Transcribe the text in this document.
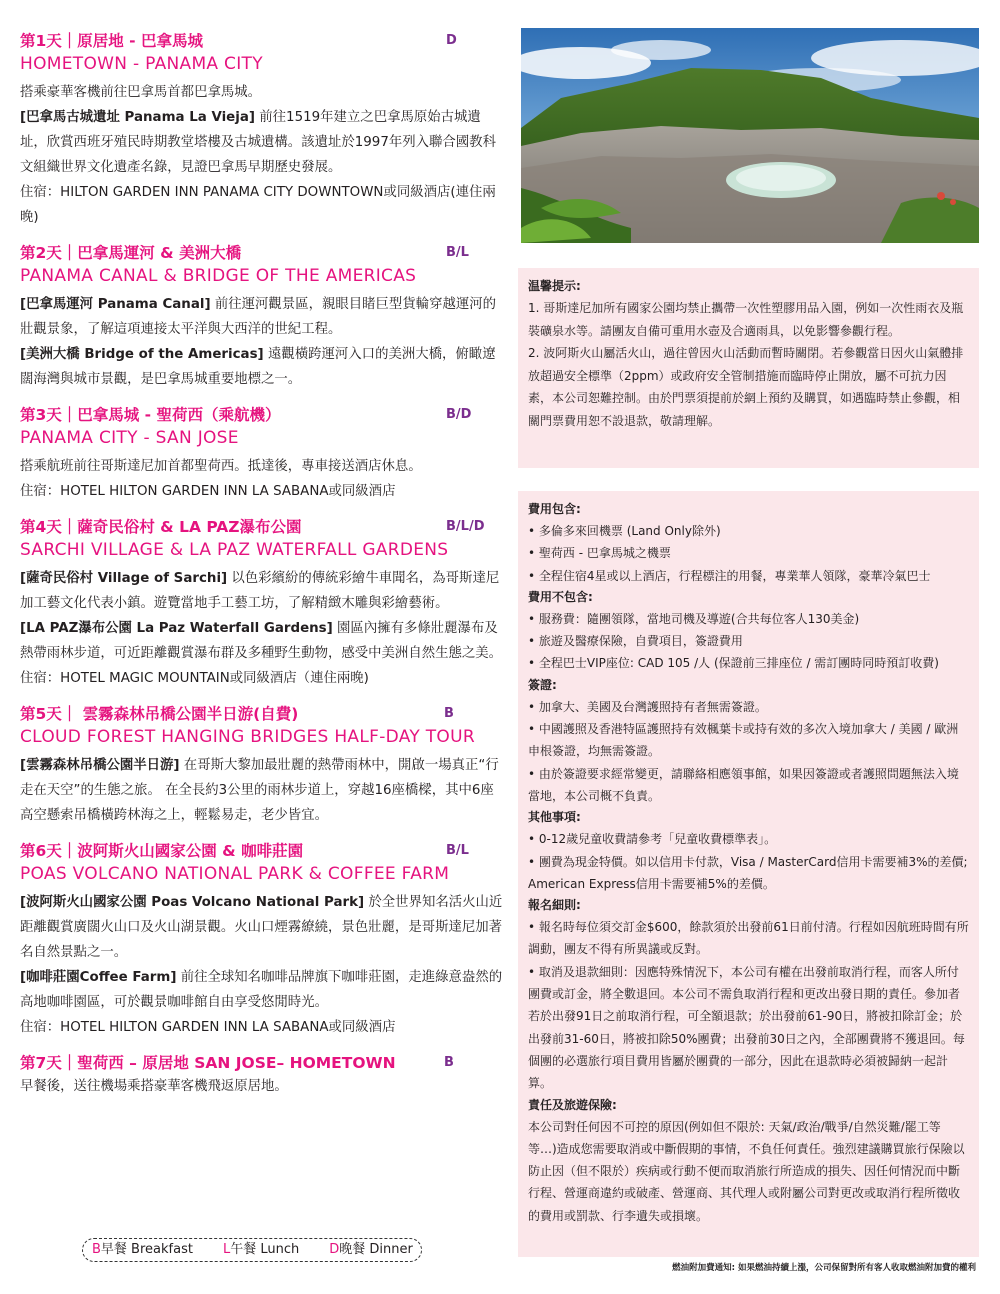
第1天｜原居地 - 巴拿馬城	D
HOMETOWN - PANAMA CITY

搭乘豪華客機前往巴拿馬首都巴拿馬城。

[巴拿馬古城遺址 Panama La Vieja] 前往1519年建立之巴拿馬原始古城遺址，欣賞西班牙殖民時期教堂塔樓及古城遺構。該遺址於1997年列入聯合國教科文組織世界文化遺產名錄，見證巴拿馬早期歷史發展。

住宿：HILTON GARDEN INN PANAMA CITY DOWNTOWN或同級酒店(連住兩晚)

第2天｜巴拿馬運河 & 美洲大橋	B/L
PANAMA CANAL & BRIDGE OF THE AMERICAS

[巴拿馬運河 Panama Canal] 前往運河觀景區，親眼目睹巨型貨輪穿越運河的壯觀景象，了解這項連接太平洋與大西洋的世紀工程。

[美洲大橋 Bridge of the Americas] 遠觀橫跨運河入口的美洲大橋，俯瞰遼闊海灣與城市景觀，是巴拿馬城重要地標之一。

第3天｜巴拿馬城 - 聖荷西（乘航機）	B/D
PANAMA CITY - SAN JOSE

搭乘航班前往哥斯達尼加首都聖荷西。抵達後，專車接送酒店休息。

住宿：HOTEL HILTON GARDEN INN LA SABANA或同級酒店

第4天｜薩奇民俗村 & LA PAZ瀑布公園	B/L/D
SARCHI VILLAGE & LA PAZ WATERFALL GARDENS

[薩奇民俗村 Village of Sarchi] 以色彩繽紛的傳統彩繪牛車聞名，為哥斯達尼加工藝文化代表小鎮。遊覽當地手工藝工坊，了解精緻木雕與彩繪藝術。

[LA PAZ瀑布公園 La Paz Waterfall Gardens] 園區內擁有多條壯麗瀑布及熱帶雨林步道，可近距離觀賞瀑布群及多種野生動物，感受中美洲自然生態之美。

住宿：HOTEL MAGIC MOUNTAIN或同級酒店（連住兩晚)

第5天｜ 雲霧森林吊橋公園半日游(自費)	B
CLOUD FOREST HANGING BRIDGES HALF-DAY TOUR

[雲霧森林吊橋公園半日游] 在哥斯大黎加最壯麗的熱帶雨林中，開啟一場真正“行走在天空”的生態之旅。 在全長約3公里的雨林步道上，穿越16座橋樑，其中6座高空懸索吊橋橫跨林海之上，輕鬆易走，老少皆宜。

第6天｜波阿斯火山國家公園 & 咖啡莊園	B/L
POAS VOLCANO NATIONAL PARK & COFFEE FARM

[波阿斯火山國家公園 Poas Volcano National Park] 於全世界知名活火山近距離觀賞廣闊火山口及火山湖景觀。火山口煙霧繚繞，景色壯麗，是哥斯達尼加著名自然景點之一。

[咖啡莊園Coffee Farm] 前往全球知名咖啡品牌旗下咖啡莊園，走進綠意盎然的高地咖啡園區，可於觀景咖啡館自由享受悠閒時光。

住宿：HOTEL HILTON GARDEN INN LA SABANA或同級酒店

第7天｜聖荷西 – 原居地 SAN JOSE– HOMETOWN	B

早餐後，送往機場乘搭豪華客機飛返原居地。

温馨提示:
1. 哥斯達尼加所有國家公園均禁止攜帶一次性塑膠用品入園，例如一次性雨衣及瓶裝礦泉水等。請團友自備可重用水壺及合適雨具，以免影響參觀行程。
2. 波阿斯火山屬活火山，過往曾因火山活動而暫時關閉。若參觀當日因火山氣體排放超過安全標準（2ppm）或政府安全管制措施而臨時停止開放，屬不可抗力因素，本公司恕難控制。由於門票須提前於網上預約及購買，如遇臨時禁止參觀，相關門票費用恕不設退款，敬請理解。
費用包含:
• 多倫多來回機票 (Land Only除外)
• 聖荷西 - 巴拿馬城之機票
• 全程住宿4星或以上酒店，行程標注的用餐，專業華人領隊，豪華冷氣巴士
費用不包含:
• 服務費：隨團領隊，當地司機及導遊(合共每位客人130美金)
• 旅遊及醫療保險，自費項目，簽證費用
• 全程巴士VIP座位: CAD 105 /人 (保證前三排座位 / 需訂團時同時預訂收費)
簽證:
• 加拿大、美國及台灣護照持有者無需簽證。
• 中國護照及香港特區護照持有效楓葉卡或持有效的多次入境加拿大 / 美國 / 歐洲申根簽證，均無需簽證。
• 由於簽證要求經常變更，請聯絡相應領事館，如果因簽證或者護照問題無法入境當地，本公司概不負責。
其他事項:
• 0-12歲兒童收費請參考「兒童收費標準表」。
• 團費為現金特價。如以信用卡付款，Visa / MasterCard信用卡需要補3%的差價; American Express信用卡需要補5%的差價。
報名細則:
• 報名時每位須交訂金$600，餘款須於出發前61日前付清。行程如因航班時間有所調動，團友不得有所異議或反對。
• 取消及退款細則：因應特殊情況下，本公司有權在出發前取消行程，而客人所付團費或訂金，將全數退回。本公司不需負取消行程和更改出發日期的責任。參加者若於出發91日之前取消行程，可全額退款；於出發前61-90日，將被扣除訂金；於出發前31-60日，將被扣除50%團費；出發前30日之內，全部團費將不獲退回。每個團的必選旅行項目費用皆屬於團費的一部分，因此在退款時必須被歸納一起計算。
責任及旅遊保險:
本公司對任何因不可控的原因(例如但不限於: 天氣/政治/戰爭/自然災難/罷工等等…)造成您需要取消或中斷假期的事情，不負任何責任。強烈建議購買旅行保險以防止因（但不限於）疾病或行動不便而取消旅行所造成的損失、因任何情況而中斷行程、營運商違約或破產、營運商、其代理人或附屬公司對更改或取消行程所徵收的費用或罰款、行李遺失或損壞。
B早餐 Breakfast L午餐 Lunch D晚餐 Dinner
燃油附加費通知: 如果燃油持續上漲，公司保留對所有客人收取燃油附加費的權利
